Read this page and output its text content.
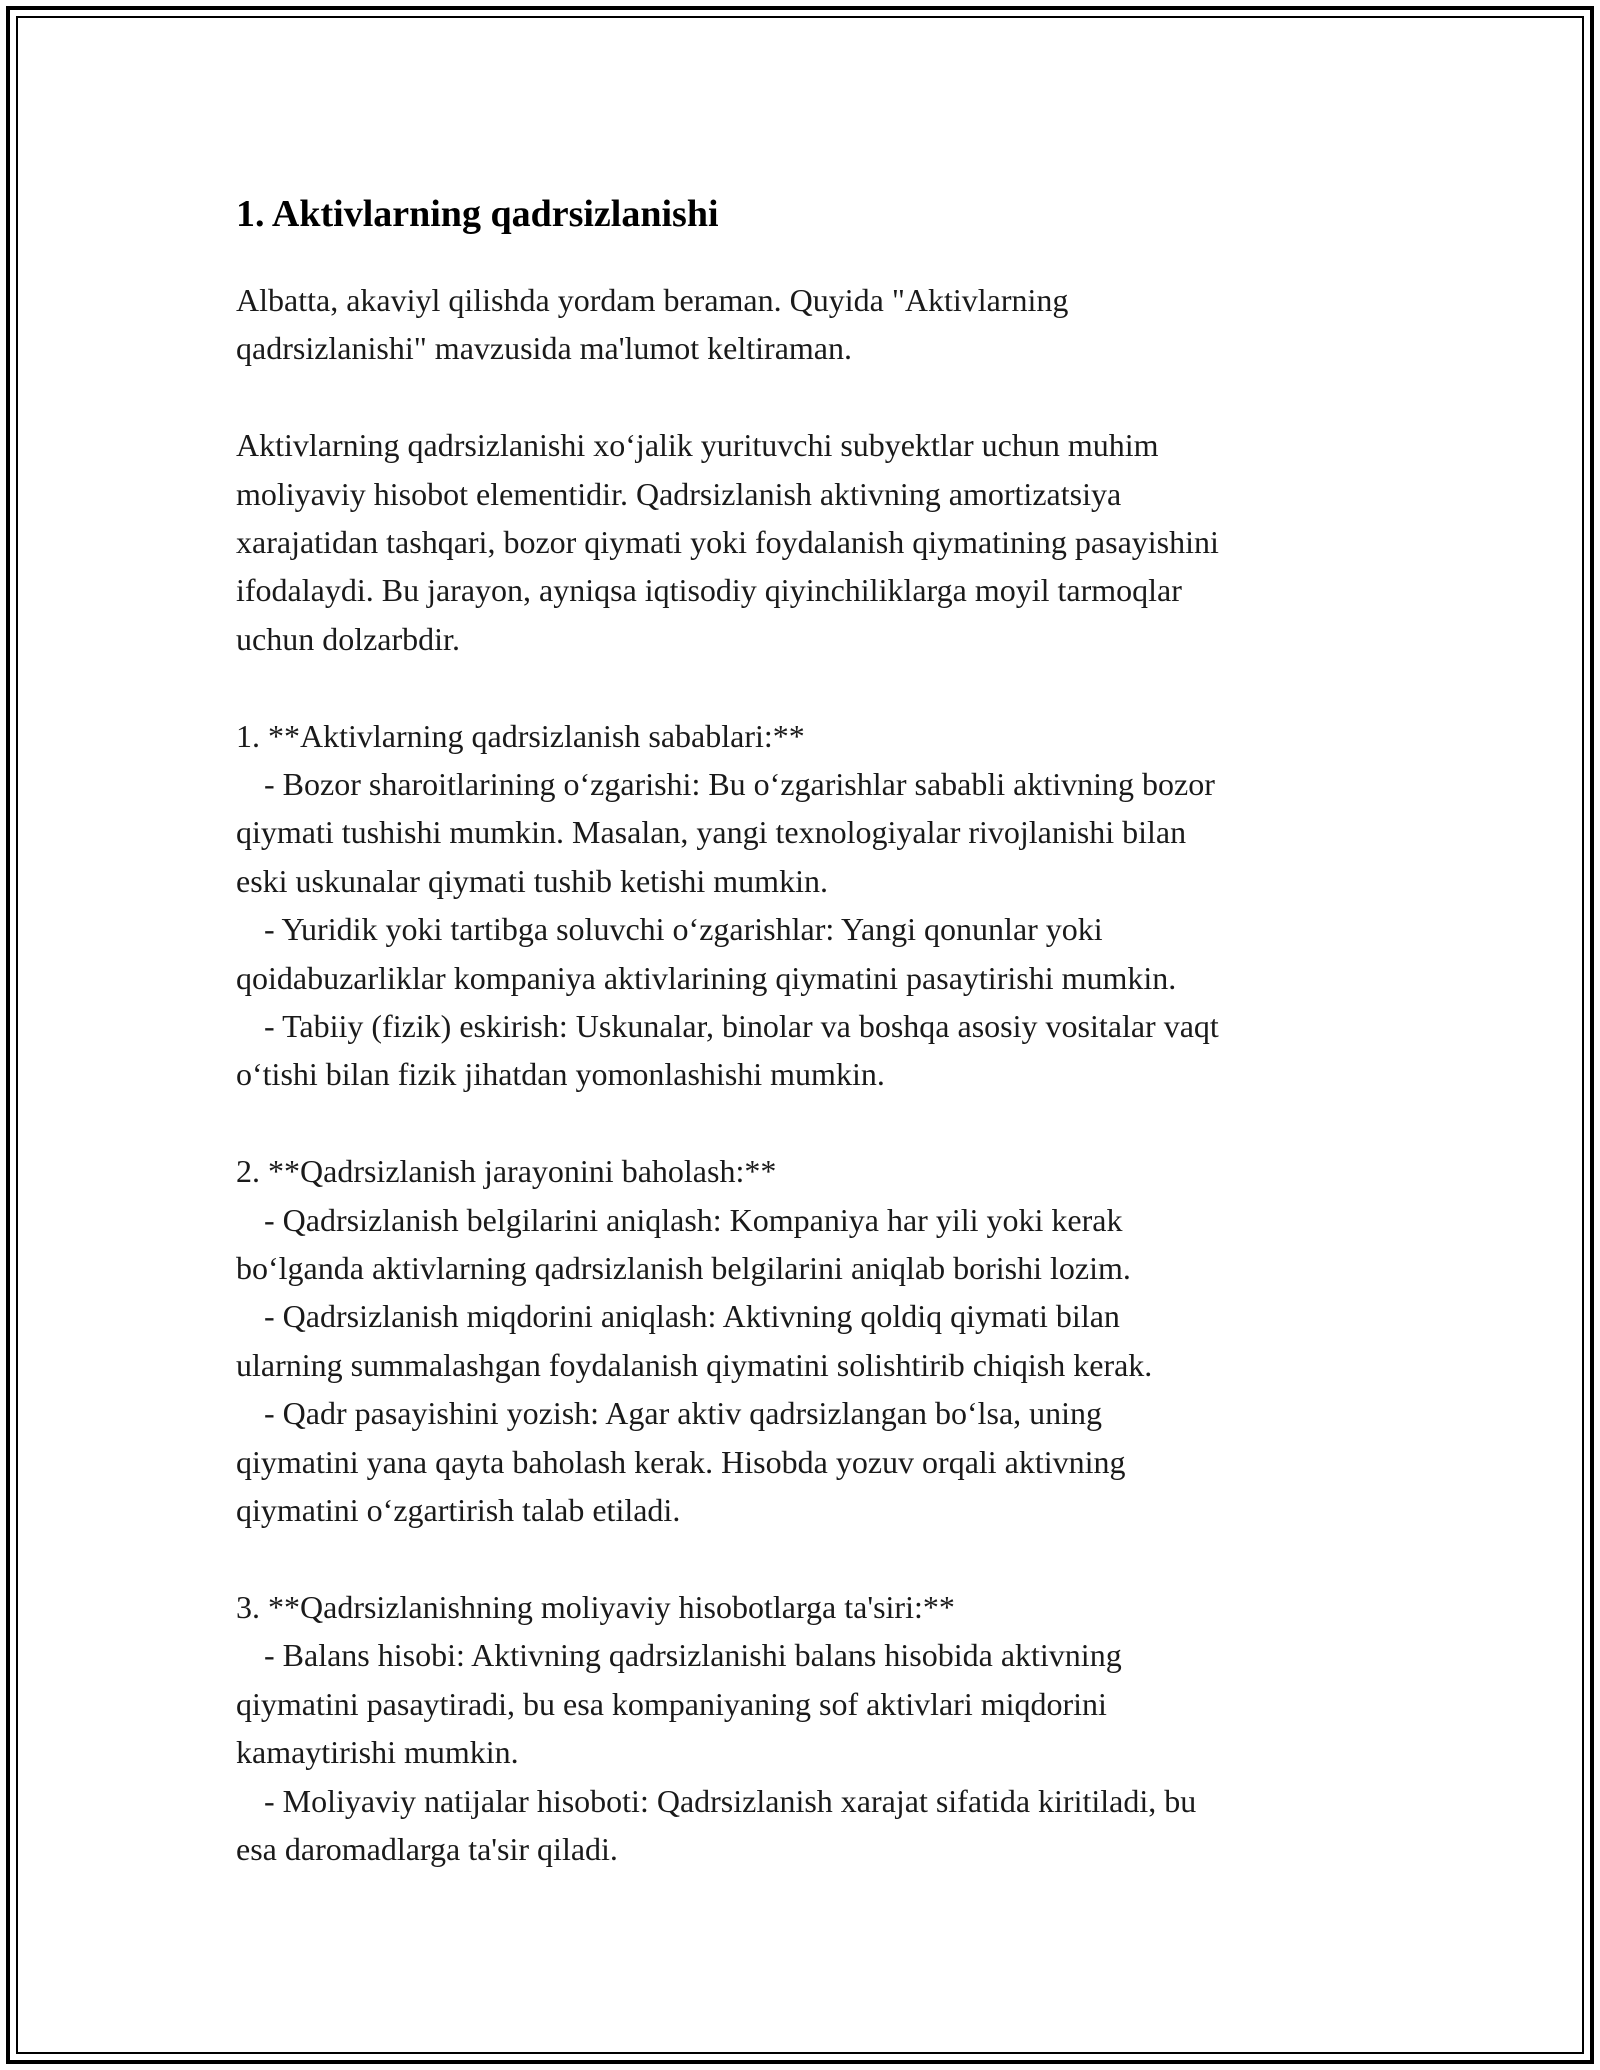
1. Aktivlarning qadrsizlanishi

Albatta, akaviyl qilishda yordam beraman. Quyida "Aktivlarning
qadrsizlanishi" mavzusida ma'lumot keltiraman.

Aktivlarning qadrsizlanishi xo‘jalik yurituvchi subyektlar uchun muhim
moliyaviy hisobot elementidir. Qadrsizlanish aktivning amortizatsiya
xarajatidan tashqari, bozor qiymati yoki foydalanish qiymatining pasayishini
ifodalaydi. Bu jarayon, ayniqsa iqtisodiy qiyinchiliklarga moyil tarmoqlar
uchun dolzarbdir.

1. **Aktivlarning qadrsizlanish sabablari:**
- Bozor sharoitlarining o‘zgarishi: Bu o‘zgarishlar sababli aktivning bozor
qiymati tushishi mumkin. Masalan, yangi texnologiyalar rivojlanishi bilan
eski uskunalar qiymati tushib ketishi mumkin.
- Yuridik yoki tartibga soluvchi o‘zgarishlar: Yangi qonunlar yoki
qoidabuzarliklar kompaniya aktivlarining qiymatini pasaytirishi mumkin.
- Tabiiy (fizik) eskirish: Uskunalar, binolar va boshqa asosiy vositalar vaqt
o‘tishi bilan fizik jihatdan yomonlashishi mumkin.
2. **Qadrsizlanish jarayonini baholash:**
- Qadrsizlanish belgilarini aniqlash: Kompaniya har yili yoki kerak
bo‘lganda aktivlarning qadrsizlanish belgilarini aniqlab borishi lozim.
- Qadrsizlanish miqdorini aniqlash: Aktivning qoldiq qiymati bilan
ularning summalashgan foydalanish qiymatini solishtirib chiqish kerak.
- Qadr pasayishini yozish: Agar aktiv qadrsizlangan bo‘lsa, uning
qiymatini yana qayta baholash kerak. Hisobda yozuv orqali aktivning
qiymatini o‘zgartirish talab etiladi.
3. **Qadrsizlanishning moliyaviy hisobotlarga ta'siri:**
- Balans hisobi: Aktivning qadrsizlanishi balans hisobida aktivning
qiymatini pasaytiradi, bu esa kompaniyaning sof aktivlari miqdorini
kamaytirishi mumkin.
- Moliyaviy natijalar hisoboti: Qadrsizlanish xarajat sifatida kiritiladi, bu
esa daromadlarga ta'sir qiladi.
